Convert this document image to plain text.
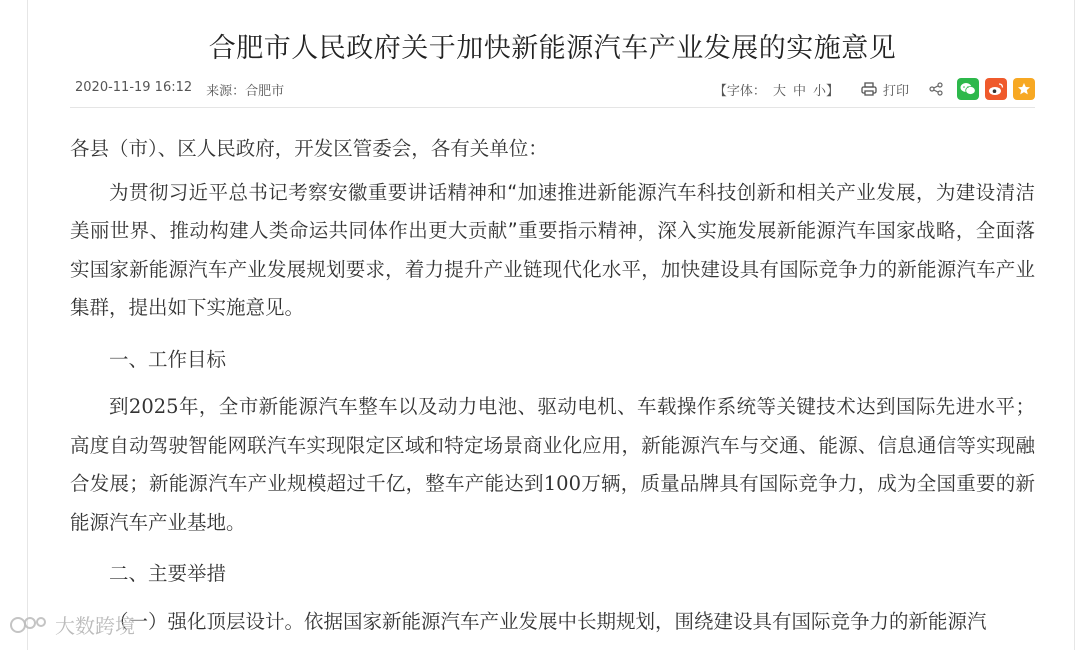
合肥市人民政府关于加快新能源汽车产业发展的实施意见
2020-11-19 16:12 来源：合肥市	【字体： 大 中 小】	打印

各县（市）、区人民政府，开发区管委会，各有关单位：

为贯彻习近平总书记考察安徽重要讲话精神和“加速推进新能源汽车科技创新和相关产业发展，为建设清洁美丽世界、推动构建人类命运共同体作出更大贡献”重要指示精神，深入实施发展新能源汽车国家战略，全面落实国家新能源汽车产业发展规划要求，着力提升产业链现代化水平，加快建设具有国际竞争力的新能源汽车产业集群，提出如下实施意见。

一、工作目标

到2025年，全市新能源汽车整车以及动力电池、驱动电机、车载操作系统等关键技术达到国际先进水平；高度自动驾驶智能网联汽车实现限定区域和特定场景商业化应用，新能源汽车与交通、能源、信息通信等实现融合发展；新能源汽车产业规模超过千亿，整车产能达到100万辆，质量品牌具有国际竞争力，成为全国重要的新能源汽车产业基地。

二、主要举措

（一）强化顶层设计。依据国家新能源汽车产业发展中长期规划，围绕建设具有国际竞争力的新能源汽

大数跨境
